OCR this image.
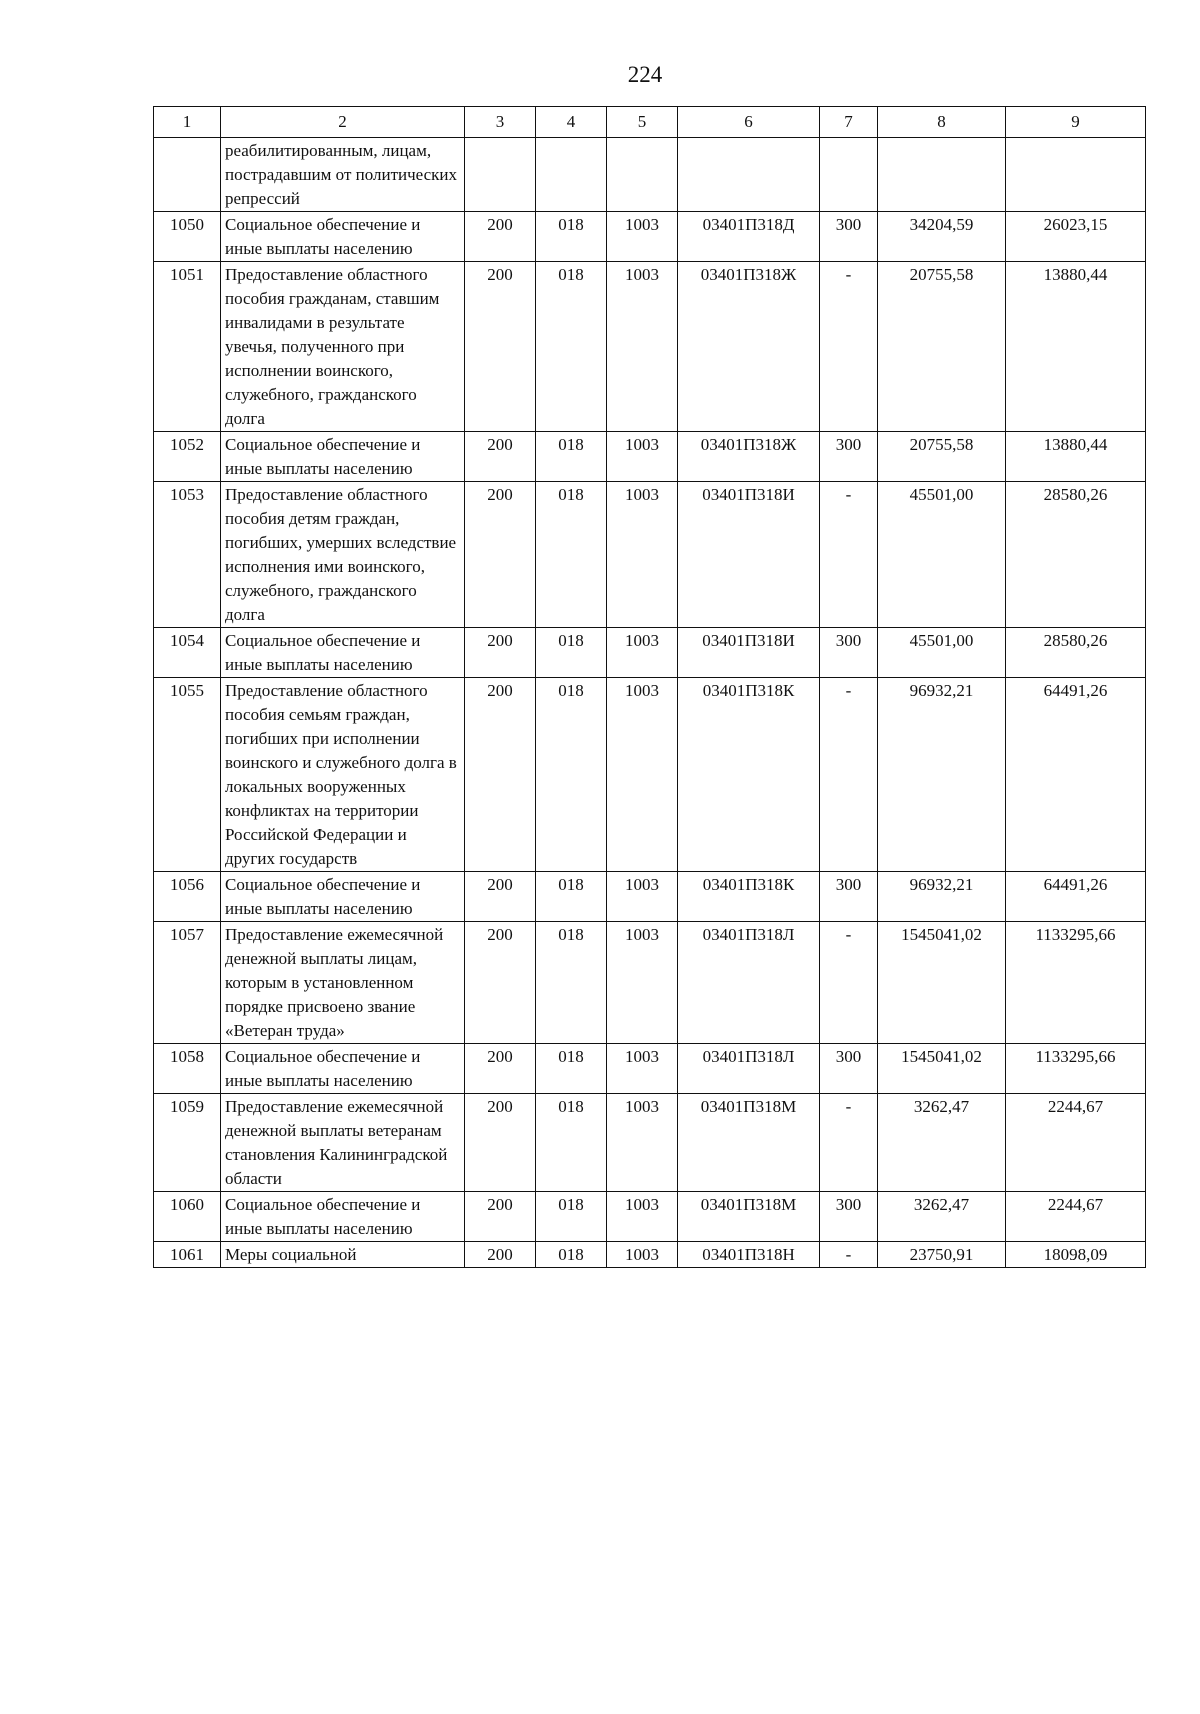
224
1	2	3	4	5	6	7	8	9
	реабилитированным, лицам, пострадавшим от политических репрессий							
1050	Социальное обеспечение и иные выплаты населению	200	018	1003	03401П318Д	300	34204,59	26023,15
1051	Предоставление областного пособия гражданам, ставшим инвалидами в результате увечья, полученного при исполнении воинского, служебного, гражданского долга	200	018	1003	03401П318Ж	-	20755,58	13880,44
1052	Социальное обеспечение и иные выплаты населению	200	018	1003	03401П318Ж	300	20755,58	13880,44
1053	Предоставление областного пособия детям граждан, погибших, умерших вследствие исполнения ими воинского, служебного, гражданского долга	200	018	1003	03401П318И	-	45501,00	28580,26
1054	Социальное обеспечение и иные выплаты населению	200	018	1003	03401П318И	300	45501,00	28580,26
1055	Предоставление областного пособия семьям граждан, погибших при исполнении воинского и служебного долга в локальных вооруженных конфликтах на территории Российской Федерации и других государств	200	018	1003	03401П318К	-	96932,21	64491,26
1056	Социальное обеспечение и иные выплаты населению	200	018	1003	03401П318К	300	96932,21	64491,26
1057	Предоставление ежемесячной денежной выплаты лицам, которым в установленном порядке присвоено звание «Ветеран труда»	200	018	1003	03401П318Л	-	1545041,02	1133295,66
1058	Социальное обеспечение и иные выплаты населению	200	018	1003	03401П318Л	300	1545041,02	1133295,66
1059	Предоставление ежемесячной денежной выплаты ветеранам становления Калининградской области	200	018	1003	03401П318М	-	3262,47	2244,67
1060	Социальное обеспечение и иные выплаты населению	200	018	1003	03401П318М	300	3262,47	2244,67
1061	Меры социальной	200	018	1003	03401П318Н	-	23750,91	18098,09
